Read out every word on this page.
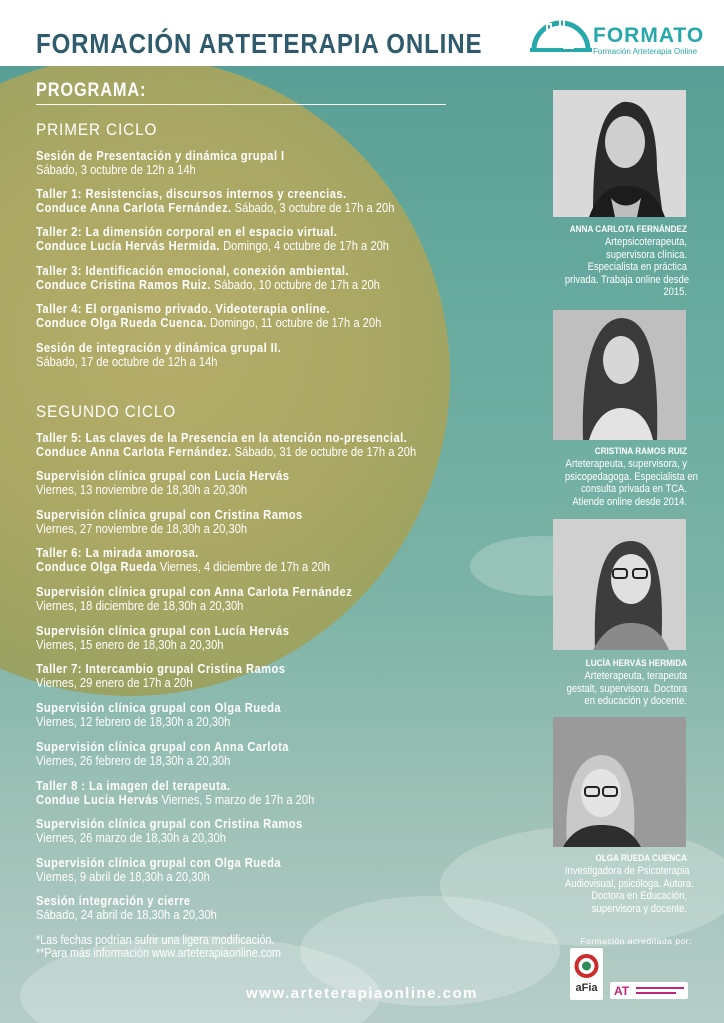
FORMACIÓN ARTETERAPIA ONLINE	FORMATO
Formación Arteterapia Online
PROGRAMA:
PRIMER CICLO
Sesión de Presentación y dinámica grupal I
Sábado, 3 octubre de 12h a 14h
Taller 1: Resistencias, discursos internos y creencias.
Conduce Anna Carlota Fernández. Sábado, 3 octubre de 17h a 20h
Taller 2: La dimensión corporal en el espacio virtual.
Conduce Lucía Hervás Hermida. Domingo, 4 octubre de 17h a 20h
Taller 3: Identificación emocional, conexión ambiental.
Conduce Cristina Ramos Ruiz. Sábado, 10 octubre de 17h a 20h
Taller 4: El organismo privado. Videoterapia online.
Conduce Olga Rueda Cuenca. Domingo, 11 octubre de 17h a 20h
Sesión de integración y dinámica grupal II.
Sábado, 17 de octubre de 12h a 14h
SEGUNDO CICLO
Taller 5: Las claves de la Presencia en la atención no-presencial.
Conduce Anna Carlota Fernández. Sábado, 31 de octubre de 17h a 20h
Supervisión clínica grupal con Lucía Hervás
Viernes, 13 noviembre de 18,30h a 20,30h
Supervisión clínica grupal con Cristina Ramos
Viernes, 27 noviembre de 18,30h a 20,30h
Taller 6: La mirada amorosa.
Conduce Olga Rueda Viernes, 4 diciembre de 17h a 20h
Supervisión clínica grupal con Anna Carlota Fernández
Viernes, 18 diciembre de 18,30h a 20,30h
Supervisión clínica grupal con Lucía Hervás
Viernes, 15 enero de 18,30h a 20,30h
Taller 7: Intercambio grupal Cristina Ramos
Viernes, 29 enero de 17h a 20h
Supervisión clínica grupal con Olga Rueda
Viernes, 12 febrero de 18,30h a 20,30h
Supervisión clínica grupal con Anna Carlota
Viernes, 26 febrero de 18,30h a 20,30h
Taller 8 : La imagen del terapeuta.
Condue Lucía Hervás Viernes, 5 marzo de 17h a 20h
Supervisión clínica grupal con Cristina Ramos
Viernes, 26 marzo de 18,30h a 20,30h
Supervisión clínica grupal con Olga Rueda
Viernes, 9 abril de 18,30h a 20,30h
Sesión integración y cierre
Sábado, 24 abril de 18,30h a 20,30h
*Las fechas podrían sufrir una ligera modificación.
**Para más información www.arteterapiaonline.com
www.arteterapiaonline.com
ANNA CARLOTA FERNÁNDEZ
Artepsicoterapeuta,
supervisora clínica.
Especialista en práctica
privada. Trabaja online desde
2015.
CRISTINA RAMOS RUIZ
Arteterapeuta, supervisora, y
psicopedagoga. Especialista en
consulta privada en TCA.
Atiende online desde 2014.
LUCÍA HERVÁS HERMIDA
Arteterapeuta, terapeuta
gestalt, supervisora. Doctora
en educación y docente.
OLGA RUEDA CUENCA
Investigadora de Psicoterapia
Audiovisual, psicóloga. Autora.
Doctora en Educación,
supervisora y docente.
Formación acreditada por:
aFia AT
